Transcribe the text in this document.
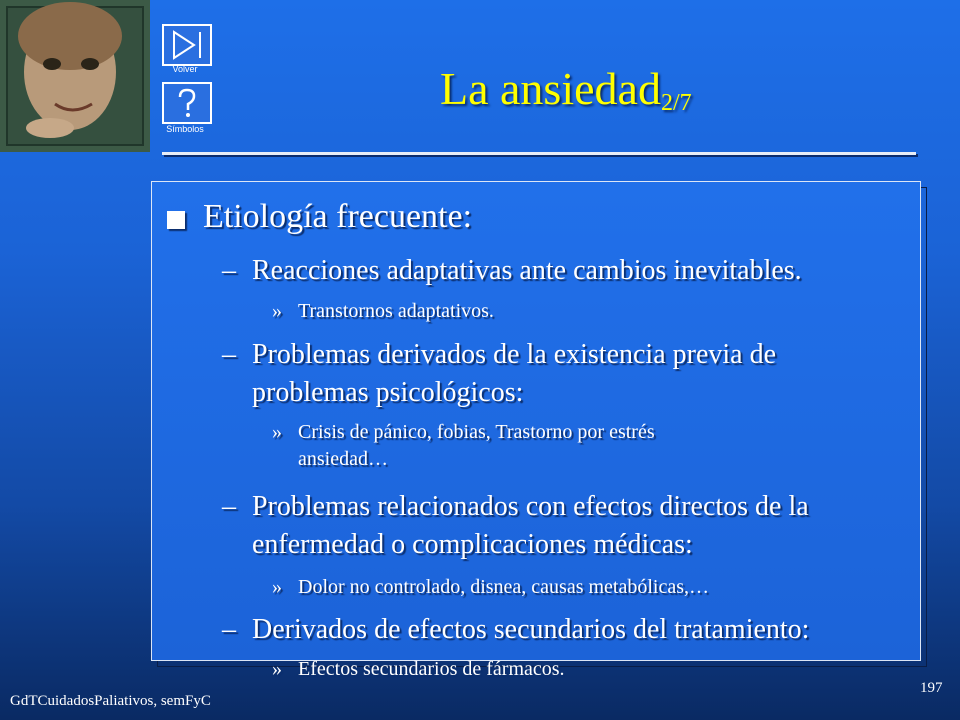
Volver
Símbolos
La ansiedad$_{2/7}$
Etiología frecuente:
– Reacciones adaptativas ante cambios inevitables.
» Transtornos adaptativos.
– Problemas derivados de la existencia previa de
problemas psicológicos:
» Crisis de pánico, fobias, Trastorno por estrés
ansiedad…
– Problemas relacionados con efectos directos de la
enfermedad o complicaciones médicas:
» Dolor no controlado, disnea, causas metabólicas,…
– Derivados de efectos secundarios del tratamiento:
» Efectos secundarios de fármacos.
GdTCuidadosPaliativos, semFyC
197
